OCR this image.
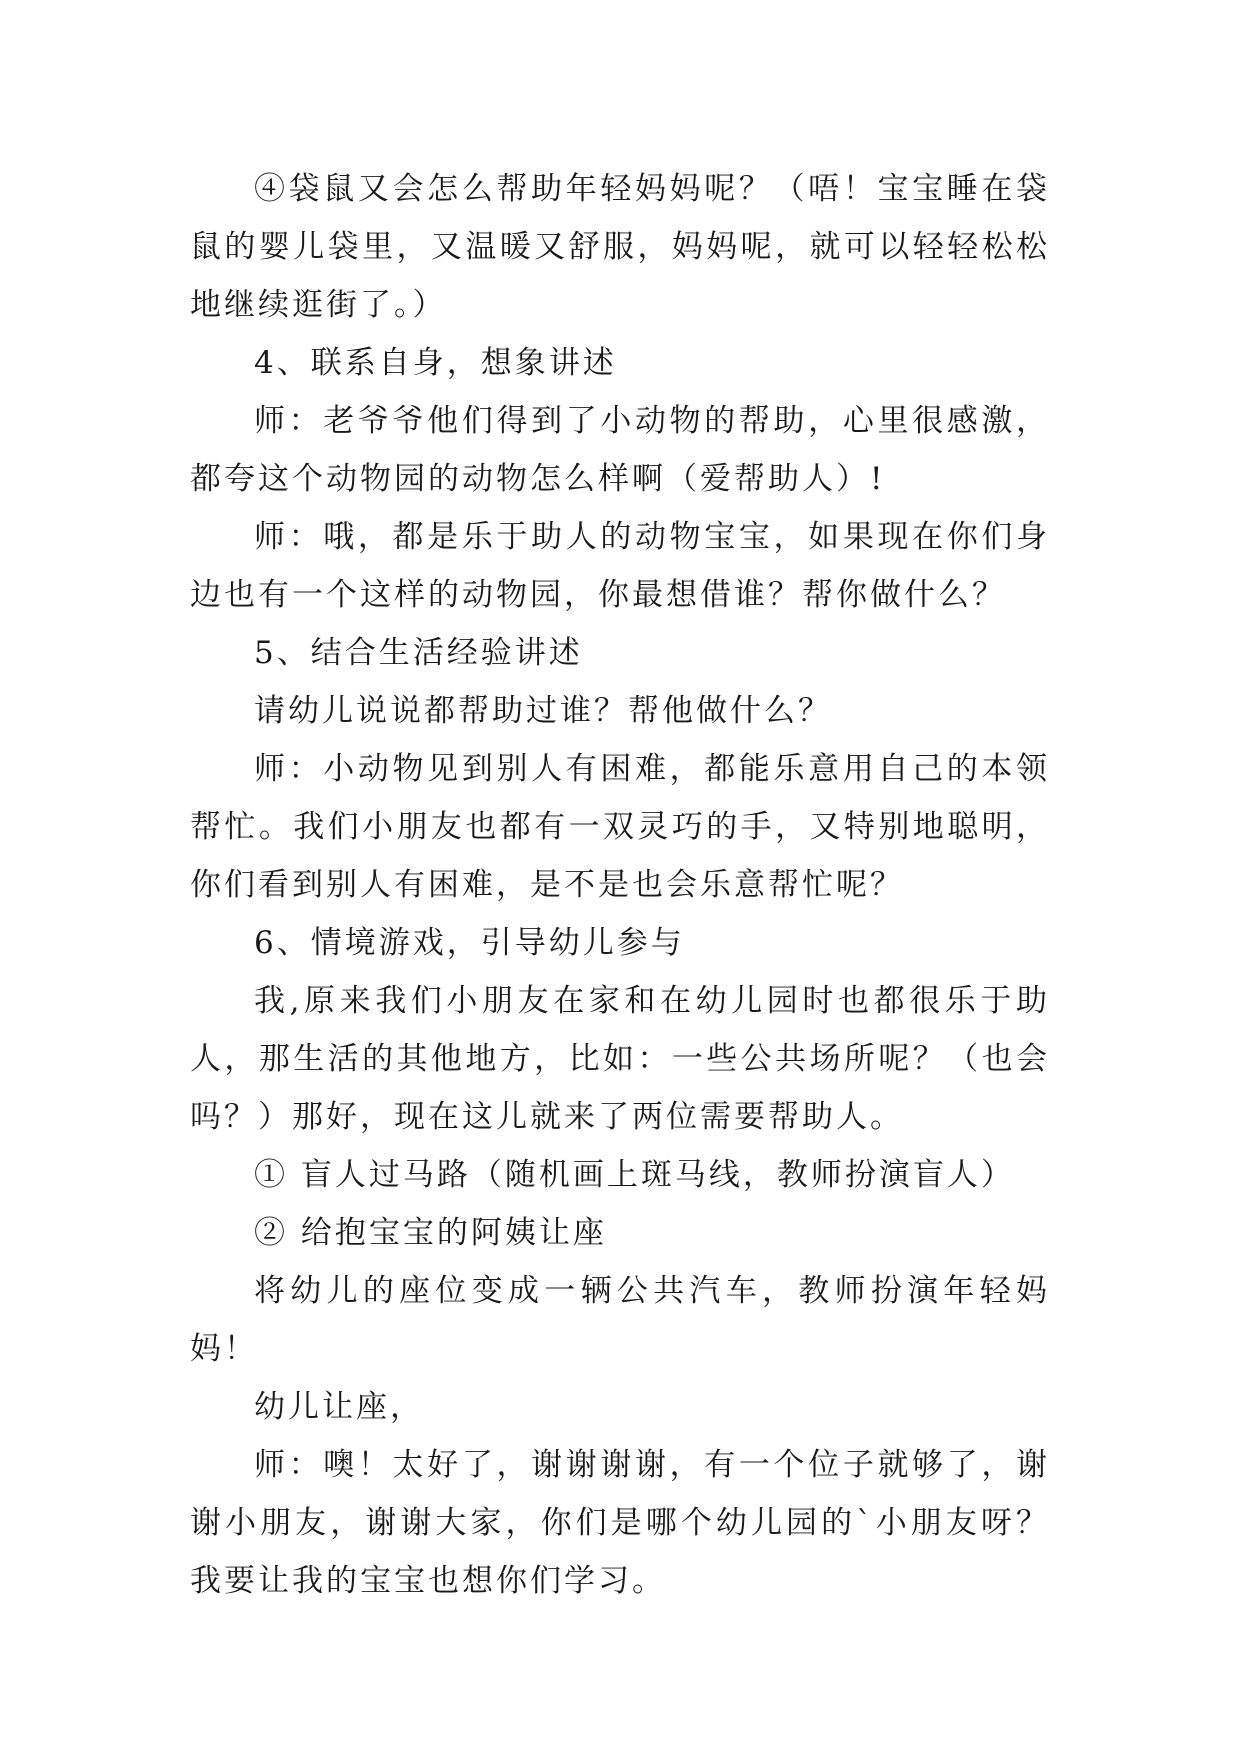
④袋鼠又会怎么帮助年轻妈妈呢？（唔！宝宝睡在袋鼠的婴儿袋里，又温暖又舒服，妈妈呢，就可以轻轻松松地继续逛街了。）

4、联系自身，想象讲述

师：老爷爷他们得到了小动物的帮助，心里很感激，都夸这个动物园的动物怎么样啊（爱帮助人）!

师：哦，都是乐于助人的动物宝宝，如果现在你们身边也有一个这样的动物园，你最想借谁？帮你做什么？

5、结合生活经验讲述

请幼儿说说都帮助过谁？帮他做什么？

师：小动物见到别人有困难，都能乐意用自己的本领帮忙。我们小朋友也都有一双灵巧的手，又特别地聪明，你们看到别人有困难，是不是也会乐意帮忙呢？

6、情境游戏，引导幼儿参与

我,原来我们小朋友在家和在幼儿园时也都很乐于助人，那生活的其他地方，比如：一些公共场所呢？（也会吗？）那好，现在这儿就来了两位需要帮助人。

① 盲人过马路（随机画上斑马线，教师扮演盲人）

② 给抱宝宝的阿姨让座

将幼儿的座位变成一辆公共汽车，教师扮演年轻妈妈！

幼儿让座，

师：噢！太好了，谢谢谢谢，有一个位子就够了，谢谢小朋友，谢谢大家，你们是哪个幼儿园的`小朋友呀？我要让我的宝宝也想你们学习。
